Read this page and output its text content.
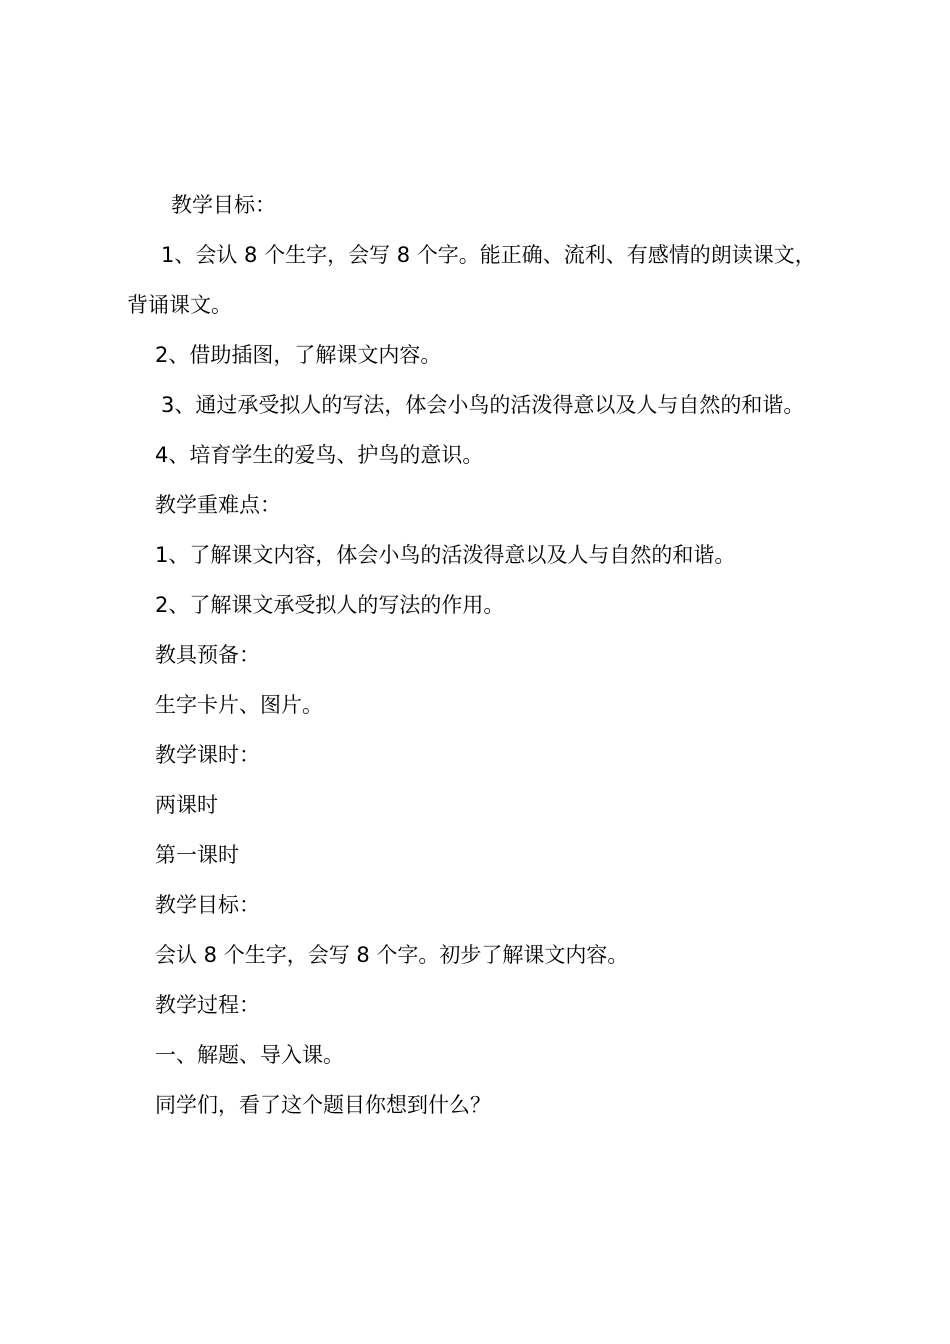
教学目标：

1、会认 8 个生字，会写 8 个字。能正确、流利、有感情的朗读课文，背诵课文。

2、借助插图，了解课文内容。

3、通过承受拟人的写法，体会小鸟的活泼得意以及人与自然的和谐。

4、培育学生的爱鸟、护鸟的意识。

教学重难点：

1、了解课文内容，体会小鸟的活泼得意以及人与自然的和谐。

2、了解课文承受拟人的写法的作用。

教具预备：

生字卡片、图片。

教学课时：

两课时

第一课时

教学目标：

会认 8 个生字，会写 8 个字。初步了解课文内容。

教学过程：

一、解题、导入课。

同学们，看了这个题目你想到什么？
